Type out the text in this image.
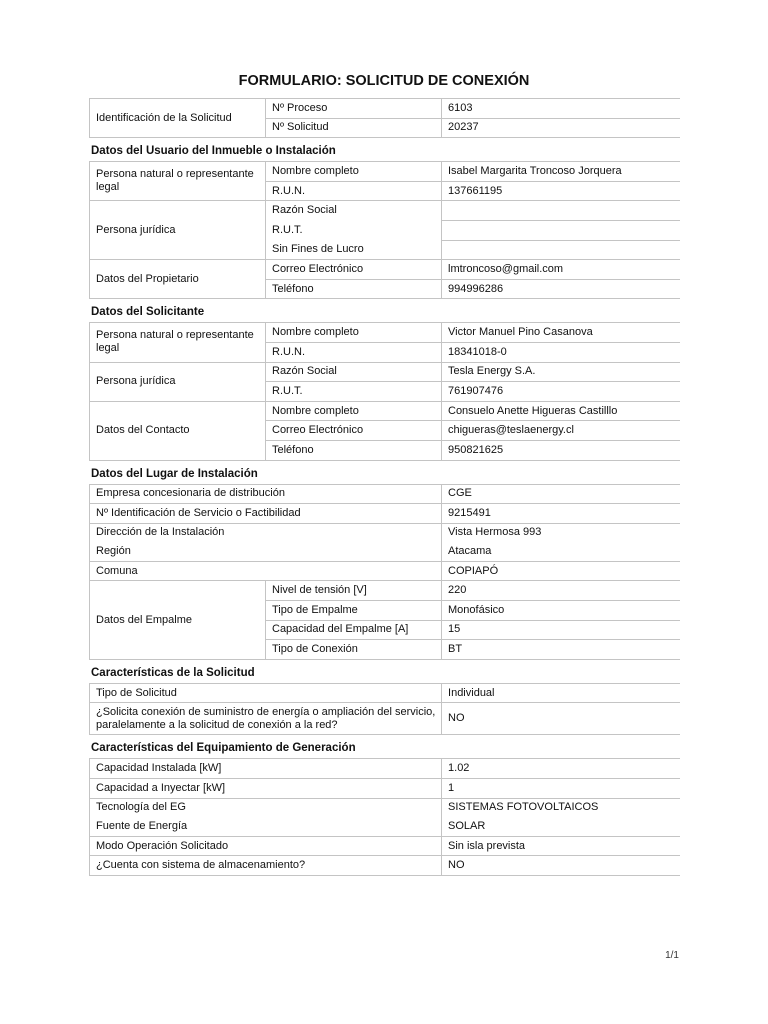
FORMULARIO: SOLICITUD DE CONEXIÓN
Identificación de la Solicitud	Nº Proceso	6103
	Nº Solicitud	20237
Datos del Usuario del Inmueble o Instalación
Persona natural o representante legal	Nombre completo	Isabel Margarita Troncoso Jorquera
	R.U.N.	137661195
Persona jurídica	Razón Social	
	R.U.T.	
	Sin Fines de Lucro	
Datos del Propietario	Correo Electrónico	lmtroncoso@gmail.com
	Teléfono	994996286
Datos del Solicitante
Persona natural o representante legal	Nombre completo	Victor Manuel Pino Casanova
	R.U.N.	18341018-0
Persona jurídica	Razón Social	Tesla Energy S.A.
	R.U.T.	761907476
Datos del Contacto	Nombre completo	Consuelo Anette Higueras Castilllo
	Correo Electrónico	chigueras@teslaenergy.cl
	Teléfono	950821625
Datos del Lugar de Instalación
Empresa concesionaria de distribución		CGE
Nº Identificación de Servicio o Factibilidad		9215491
Dirección de la Instalación		Vista Hermosa 993
Región		Atacama
Comuna		COPIAPÓ
Datos del Empalme	Nivel de tensión [V]	220
	Tipo de Empalme	Monofásico
	Capacidad del Empalme [A]	15
	Tipo de Conexión	BT
Características de la Solicitud
Tipo de Solicitud	Individual
¿Solicita conexión de suministro de energía o ampliación del servicio, paralelamente a la solicitud de conexión a la red?	NO
Características del Equipamiento de Generación
Capacidad Instalada [kW]	1.02
Capacidad a Inyectar [kW]	1
Tecnología del EG	SISTEMAS FOTOVOLTAICOS
Fuente de Energía	SOLAR
Modo Operación Solicitado	Sin isla prevista
¿Cuenta con sistema de almacenamiento?	NO
1/1
